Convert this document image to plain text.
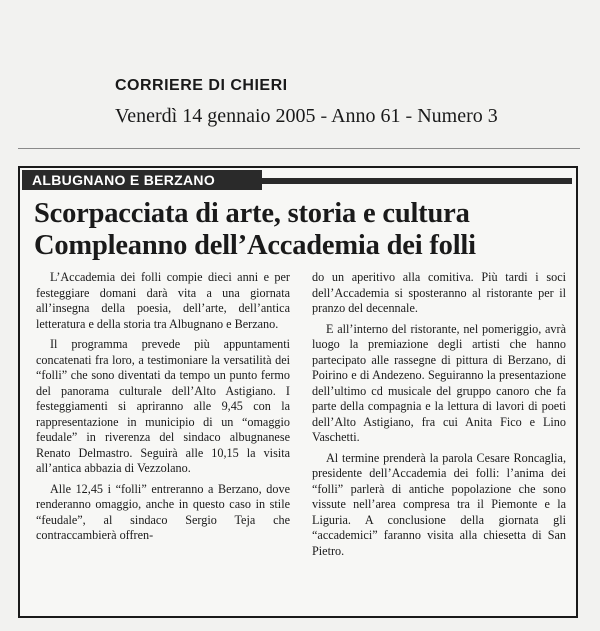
CORRIERE DI CHIERI
Venerdì 14 gennaio 2005 - Anno 61 - Numero 3
ALBUGNANO E BERZANO
Scorpacciata di arte, storia e cultura
Compleanno dell’Accademia dei folli

L’Accademia dei folli compie dieci anni e per festeggiare domani darà vita a una giornata all’insegna della poesia, dell’arte, dell’antica letteratura e della storia tra Albugnano e Berzano.

Il programma prevede più appuntamenti concatenati fra loro, a testimoniare la versatilità dei “folli” che sono diventati da tempo un punto fermo del panorama culturale dell’Alto Astigiano. I festeggiamenti si apriranno alle 9,45 con la rappresentazione in municipio di un “omaggio feudale” in riverenza del sindaco albugnanese Renato Delmastro. Seguirà alle 10,15 la visita all’antica abbazia di Vezzolano.

Alle 12,45 i “folli” entreranno a Berzano, dove renderanno omaggio, anche in questo caso in stile “feudale”, al sindaco Sergio Teja che contraccambierà offren-

do un aperitivo alla comitiva. Più tardi i soci dell’Accademia si sposteranno al ristorante per il pranzo del decennale.

E all’interno del ristorante, nel pomeriggio, avrà luogo la premiazione degli artisti che hanno partecipato alle rassegne di pittura di Berzano, di Poirino e di Andezeno. Seguiranno la presentazione dell’ultimo cd musicale del gruppo canoro che fa parte della compagnia e la lettura di lavori di poeti dell’Alto Astigiano, fra cui Anita Fico e Lino Vaschetti.

Al termine prenderà la parola Cesare Roncaglia, presidente dell’Accademia dei folli: l’anima dei “folli” parlerà di antiche popolazione che sono vissute nell’area compresa tra il Piemonte e la Liguria. A conclusione della giornata gli “accademici” faranno visita alla chiesetta di San Pietro.
